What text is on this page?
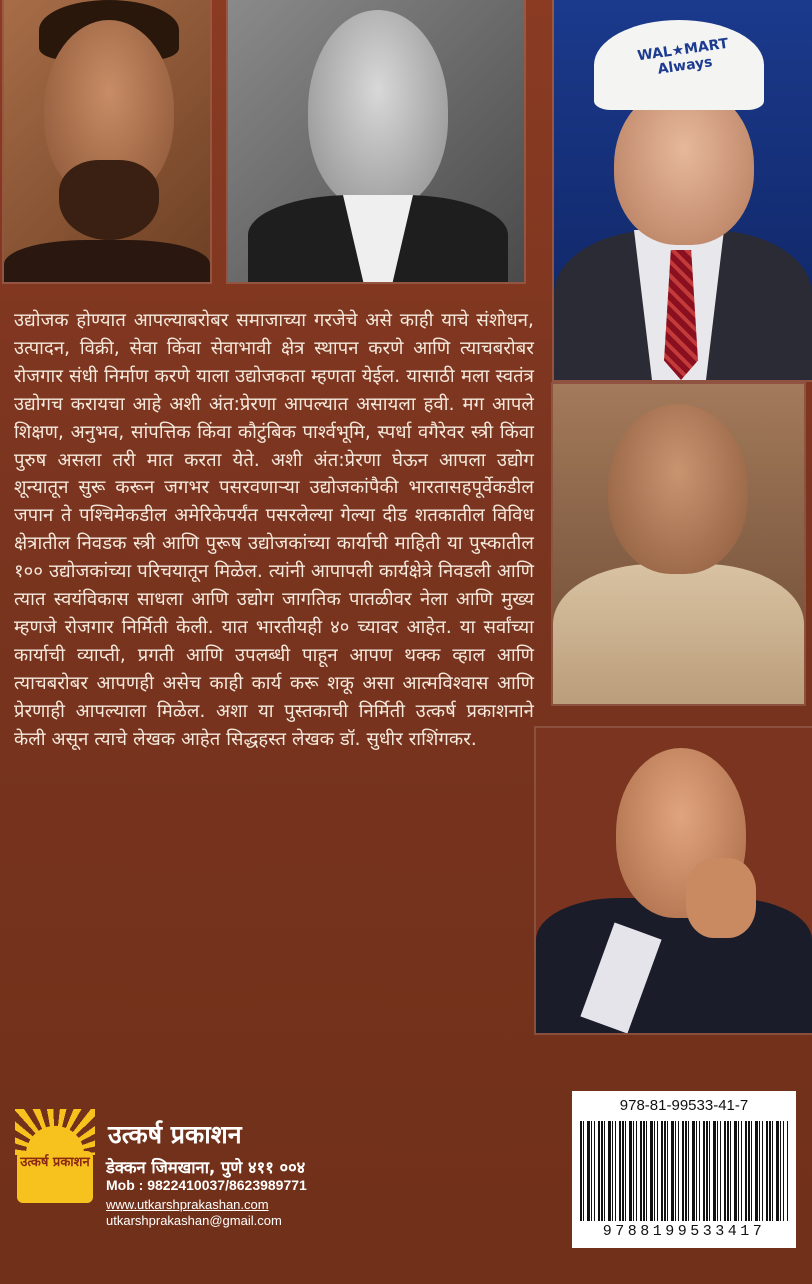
WAL★MART Always

उद्योजक होण्यात आपल्याबरोबर समाजाच्या गरजेचे असे काही याचे संशोधन, उत्पादन, विक्री, सेवा किंवा सेवाभावी क्षेत्र स्थापन करणे आणि त्याचबरोबर रोजगार संधी निर्माण करणे याला उद्योजकता म्हणता येईल. यासाठी मला स्वतंत्र उद्योगच करायचा आहे अशी अंत:प्रेरणा आपल्यात असायला हवी. मग आपले शिक्षण, अनुभव, सांपत्तिक किंवा कौटुंबिक पार्श्वभूमि, स्पर्धा वगैरेवर स्त्री किंवा पुरुष असला तरी मात करता येते. अशी अंत:प्रेरणा घेऊन आपला उद्योग शून्यातून सुरू करून जगभर पसरवणाऱ्या उद्योजकांपैकी भारतासहपूर्वेकडील जपान ते पश्चिमेकडील अमेरिकेपर्यंत पसरलेल्या गेल्या दीड शतकातील विविध क्षेत्रातील निवडक स्त्री आणि पुरूष उद्योजकांच्या कार्याची माहिती या पुस्कातील १०० उद्योजकांच्या परिचयातून मिळेल. त्यांनी आपापली कार्यक्षेत्रे निवडली आणि त्यात स्वयंविकास साधला आणि उद्योग जागतिक पातळीवर नेला आणि मुख्य म्हणजे रोजगार निर्मिती केली. यात भारतीयही ४० च्यावर आहेत. या सर्वांच्या कार्याची व्याप्ती, प्रगती आणि उपलब्धी पाहून आपण थक्क व्हाल आणि त्याचबरोबर आपणही असेच काही कार्य करू शकू असा आत्मविश्वास आणि प्रेरणाही आपल्याला मिळेल. अशा या पुस्तकाची निर्मिती उत्कर्ष प्रकाशनाने केली असून त्याचे लेखक आहेत सिद्धहस्त लेखक डॉ. सुधीर राशिंगकर.

उत्कर्ष प्रकाशन
उत्कर्ष प्रकाशन
डेक्कन जिमखाना, पुणे ४११ ००४
Mob : 9822410037/8623989771
www.utkarshprakashan.com
utkarshprakashan@gmail.com
978-81-99533-41-7
9788199533417
